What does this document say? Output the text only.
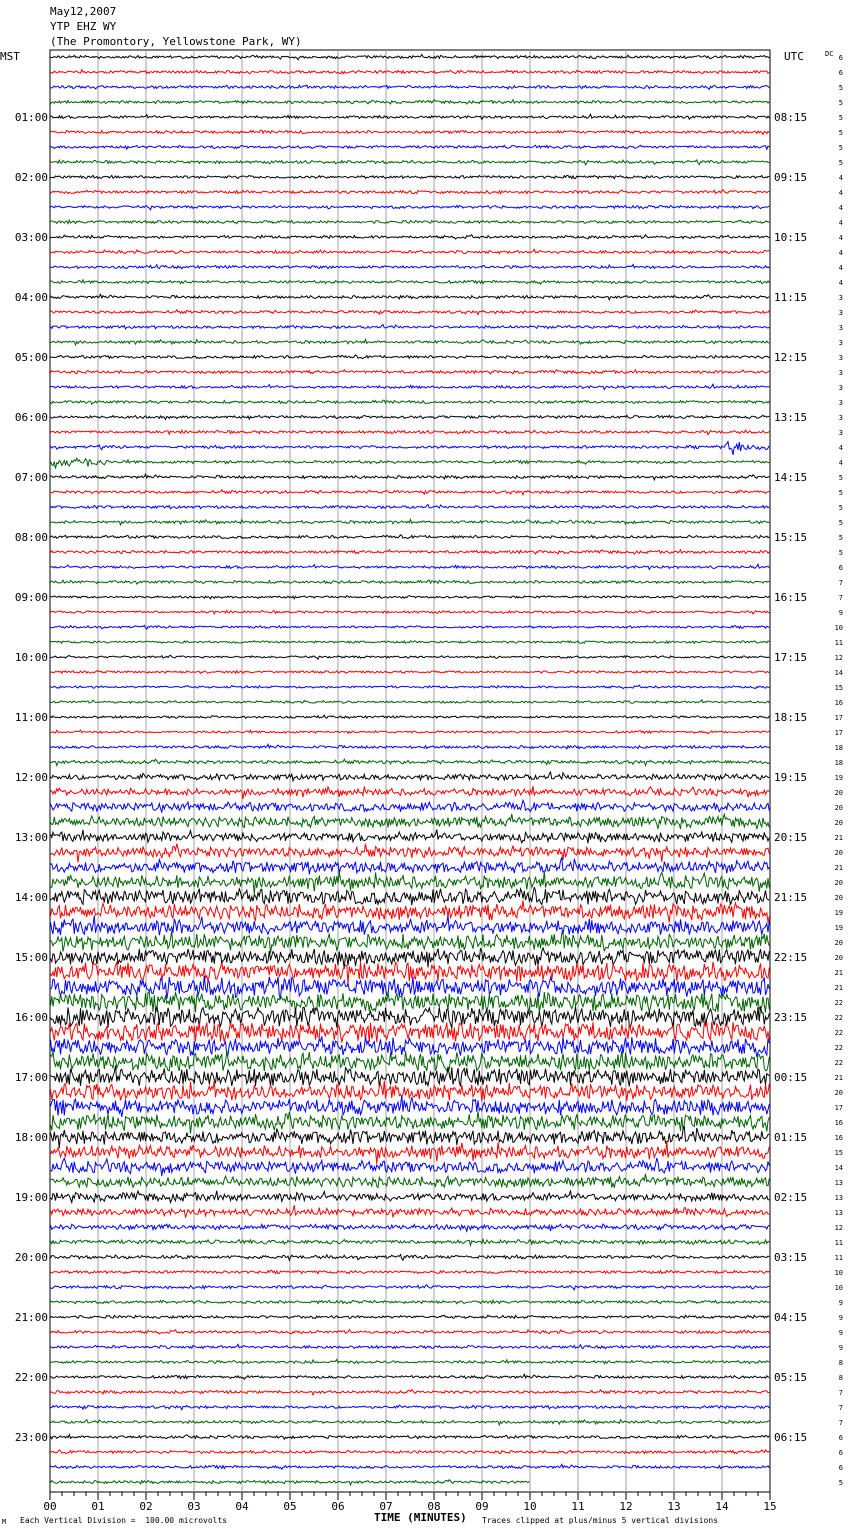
May12,2007
YTP EHZ WY
(The Promontory, Yellowstone Park, WY)
MST	UTC	DC
00	01	02	03	04	05	06	07	08	09	10	11	12	13	14	15
01:00
02:00
03:00
04:00
05:00
06:00
07:00
08:00
09:00
10:00
11:00
12:00
13:00
14:00
15:00
16:00
17:00
18:00
19:00
20:00
21:00
22:00
23:00
08:15
09:15
10:15
11:15
12:15
13:15
14:15
15:15
16:15
17:15
18:15
19:15
20:15
21:15
22:15
23:15
00:15
01:15
02:15
03:15
04:15
05:15
06:15
6
6
5
5
5
5
5
5
4
4
4
4
4
4
4
4
3
3
3
3
3
3
3
3
3
3
4
4
5
5
5
5
5
5
6
7
7
9
10
11
12
14
15
16
17
17
18
18
19
20
20
20
21
20
21
20
20
19
19
20
20
21
21
22
22
22
22
22
21
20
17
16
16
15
14
13
13
13
12
11
11
10
10
9
9
9
9
8
8
7
7
7
6
6
6
5
TIME (MINUTES)
Each Vertical Division =  100.00 microvolts	Traces clipped at plus/minus 5 vertical divisions
M
